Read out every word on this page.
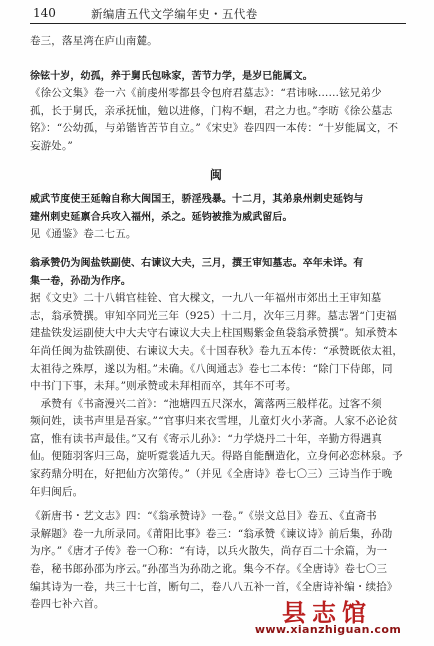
140	新编唐五代文学编年史・五代卷
卷三，落星湾在庐山南麓。
徐铉十岁，幼孤，养于舅氏包咏家，苦节力学，是岁已能属文。
《徐公文集》卷一六《前虔州零都县令包府君墓志》：“君讳咏……铉兄弟少
孤，长于舅氏，亲承抚恤，勉以进修，门构不蛔，君之力也。”李昉《徐公墓志
铭》：“公幼孤，与弟锴皆苦节自立。”《宋史》卷四四一本传：“十岁能属文，不
妄游处。”
闽
威武节度使王延翰自称大闽国王，骄淫残暴。十二月，其弟泉州刺史延钧与
建州刺史延禀合兵攻入福州，杀之。延钧被推为威武留后。
见《通鉴》卷二七五。
翁承赞仍为闽盐铁副使、右谏议大夫，三月，撰王审知墓志。卒年未详。有
集一卷，孙劭为作序。
据《文史》二十八辑官桂铨、官大樑文，一九八一年福州市郊出土王审知墓
志，翁承赞撰。审知卒同光三年（925）十二月，次年三月葬。墓志署“门吏福
建盐铁发运副使大中大夫守右谏议大夫上柱国赐紫金鱼袋翁承赞撰”。知承赞本
年尚任闽为盐铁副使、右谏议大夫。《十国春秋》卷九五本传：“承赞既依太祖，
太祖待之殊厚，遂以为相。”未确。《八闽通志》卷七二本传：“除门下侍郎，同
中书门下事，未拜。”则承赞或未拜相而卒，其年不可考。
　承赞有《书斋漫兴二首》：“池塘四五尺深水，篱落两三般样花。过客不须
频问姓，读书声里是吾家。”“官事归来衣雪埋，儿童灯火小茅斋。人家不必论贫
富，惟有读书声最佳。”又有《寄示儿孙》：“力学烧丹二十年，辛勤方得遇真
仙。便随羽客归三岛，旋听霓裳适九天。得路自能酬造化，立身何必恋林泉。予
家药鼎分明在，好把仙方次第传。”（并见《全唐诗》卷七〇三）三诗当作于晚
年归闽后。
《新唐书・艺文志》四：“《翁承赞诗》一卷。”《崇文总目》卷五、《直斋书
录解题》卷一九所录同。《莆阳比事》卷三：“翁承赞《谏议诗》前后集，孙劭
为序。”《唐才子传》卷一〇称：“有诗，以兵火散失，尚存百二十余篇，为一
卷，秘书郎孙邵为序云。”孙邵当为孙劭之讹。集今不存。《全唐诗》卷七〇三
编其诗为一卷，共三十七首，断句二，卷八八五补一首，《全唐诗补编・续拾》
卷四七补六首。	县志馆
www.xianzhiguan.com
